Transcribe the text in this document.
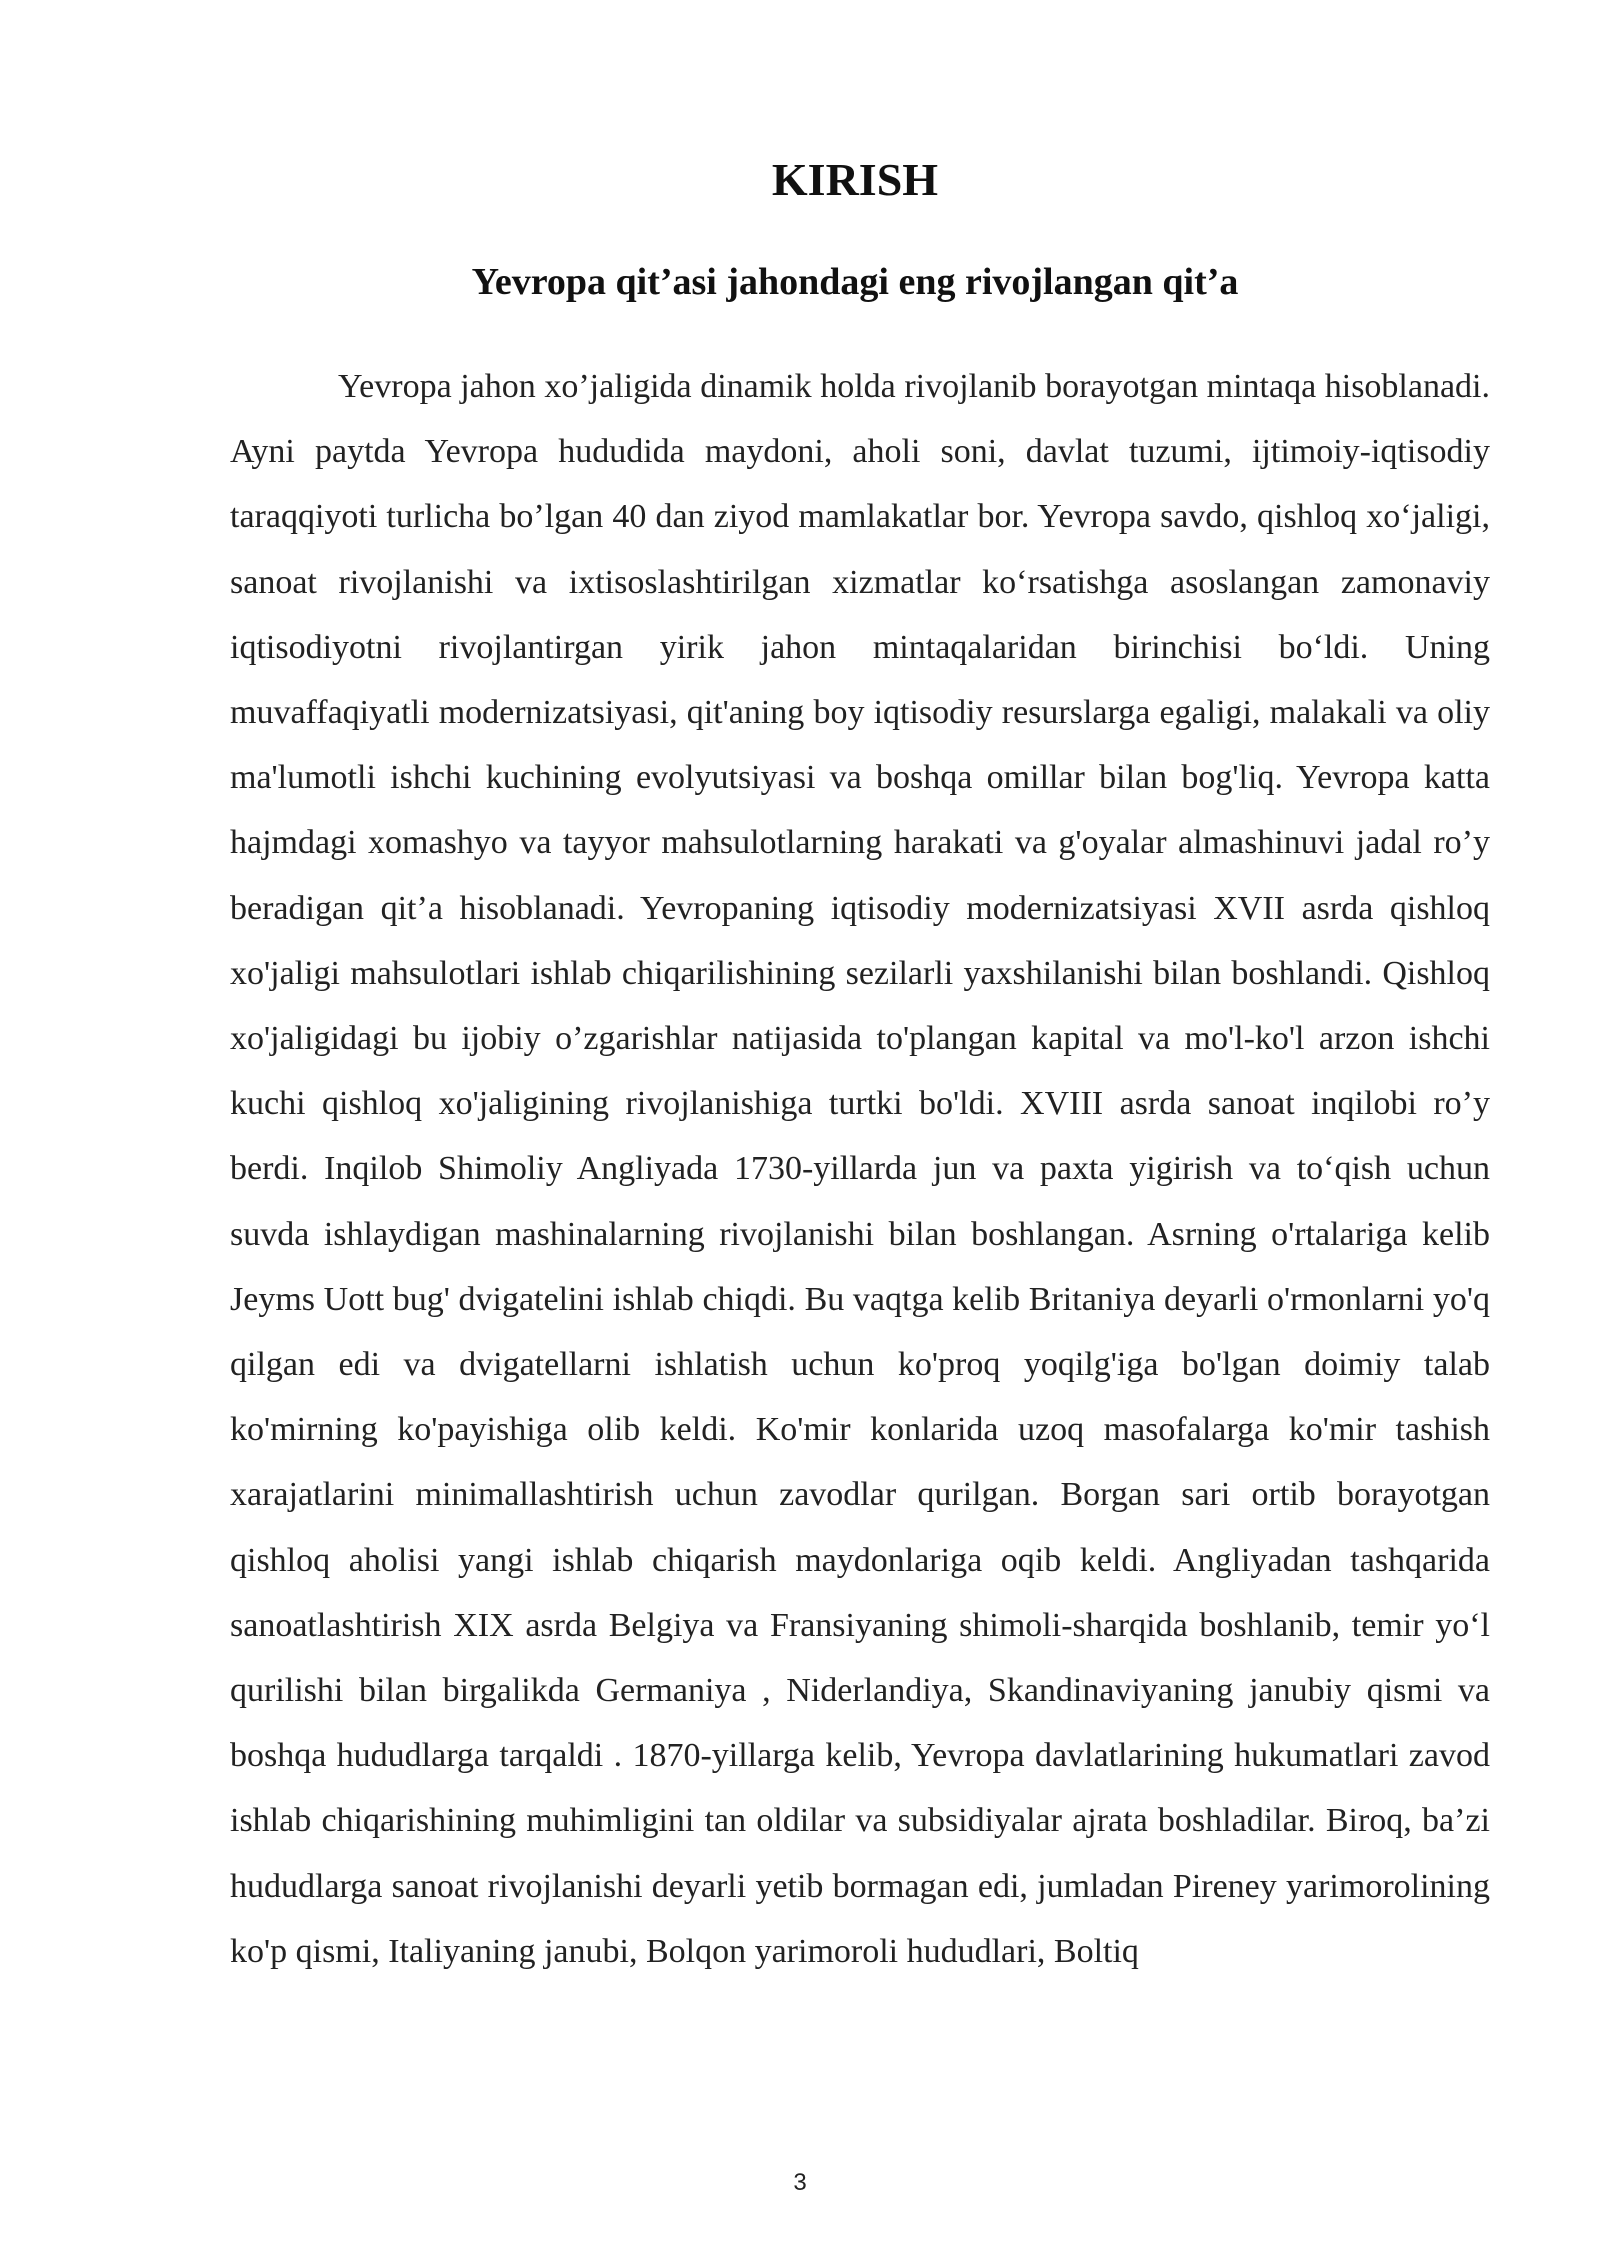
KIRISH
Yevropa qit’asi jahondagi eng rivojlangan qit’a

Yevropa jahon xo’jaligida dinamik holda rivojlanib borayotgan mintaqa hisoblanadi. Ayni paytda Yevropa hududida maydoni, aholi soni, davlat tuzumi, ijtimoiy-iqtisodiy taraqqiyoti turlicha bo’lgan 40 dan ziyod mamlakatlar bor. Yevropa savdo, qishloq xo‘jaligi, sanoat rivojlanishi va ixtisoslashtirilgan xizmatlar ko‘rsatishga asoslangan zamonaviy iqtisodiyotni rivojlantirgan yirik jahon mintaqalaridan birinchisi bo‘ldi. Uning muvaffaqiyatli modernizatsiyasi, qit'aning boy iqtisodiy resurslarga egaligi, malakali va oliy ma'lumotli ishchi kuchining evolyutsiyasi va boshqa omillar bilan bog'liq. Yevropa katta hajmdagi xomashyo va tayyor mahsulotlarning harakati va g'oyalar almashinuvi jadal ro’y beradigan qit’a hisoblanadi. Yevropaning iqtisodiy modernizatsiyasi XVII asrda qishloq xo'jaligi mahsulotlari ishlab chiqarilishining sezilarli yaxshilanishi bilan boshlandi. Qishloq xo'jaligidagi bu ijobiy o’zgarishlar natijasida to'plangan kapital va mo'l-ko'l arzon ishchi kuchi qishloq xo'jaligining rivojlanishiga turtki bo'ldi. XVIII asrda sanoat inqilobi ro’y berdi. Inqilob Shimoliy Angliyada 1730-yillarda jun va paxta yigirish va to‘qish uchun suvda ishlaydigan mashinalarning rivojlanishi bilan boshlangan. Asrning o'rtalariga kelib Jeyms Uott bug' dvigatelini ishlab chiqdi. Bu vaqtga kelib Britaniya deyarli o'rmonlarni yo'q qilgan edi va dvigatellarni ishlatish uchun ko'proq yoqilg'iga bo'lgan doimiy talab ko'mirning ko'payishiga olib keldi. Ko'mir konlarida uzoq masofalarga ko'mir tashish xarajatlarini minimallashtirish uchun zavodlar qurilgan. Borgan sari ortib borayotgan qishloq aholisi yangi ishlab chiqarish maydonlariga oqib keldi. Angliyadan tashqarida sanoatlashtirish XIX asrda Belgiya va Fransiyaning shimoli-sharqida boshlanib, temir yo‘l qurilishi bilan birgalikda Germaniya , Niderlandiya, Skandinaviyaning janubiy qismi va boshqa hududlarga tarqaldi . 1870-yillarga kelib, Yevropa davlatlarining hukumatlari zavod ishlab chiqarishining muhimligini tan oldilar va subsidiyalar ajrata boshladilar. Biroq, ba’zi hududlarga sanoat rivojlanishi deyarli yetib bormagan edi, jumladan Pireney yarimorolining ko'p qismi, Italiyaning janubi, Bolqon yarimoroli hududlari, Boltiq

3
